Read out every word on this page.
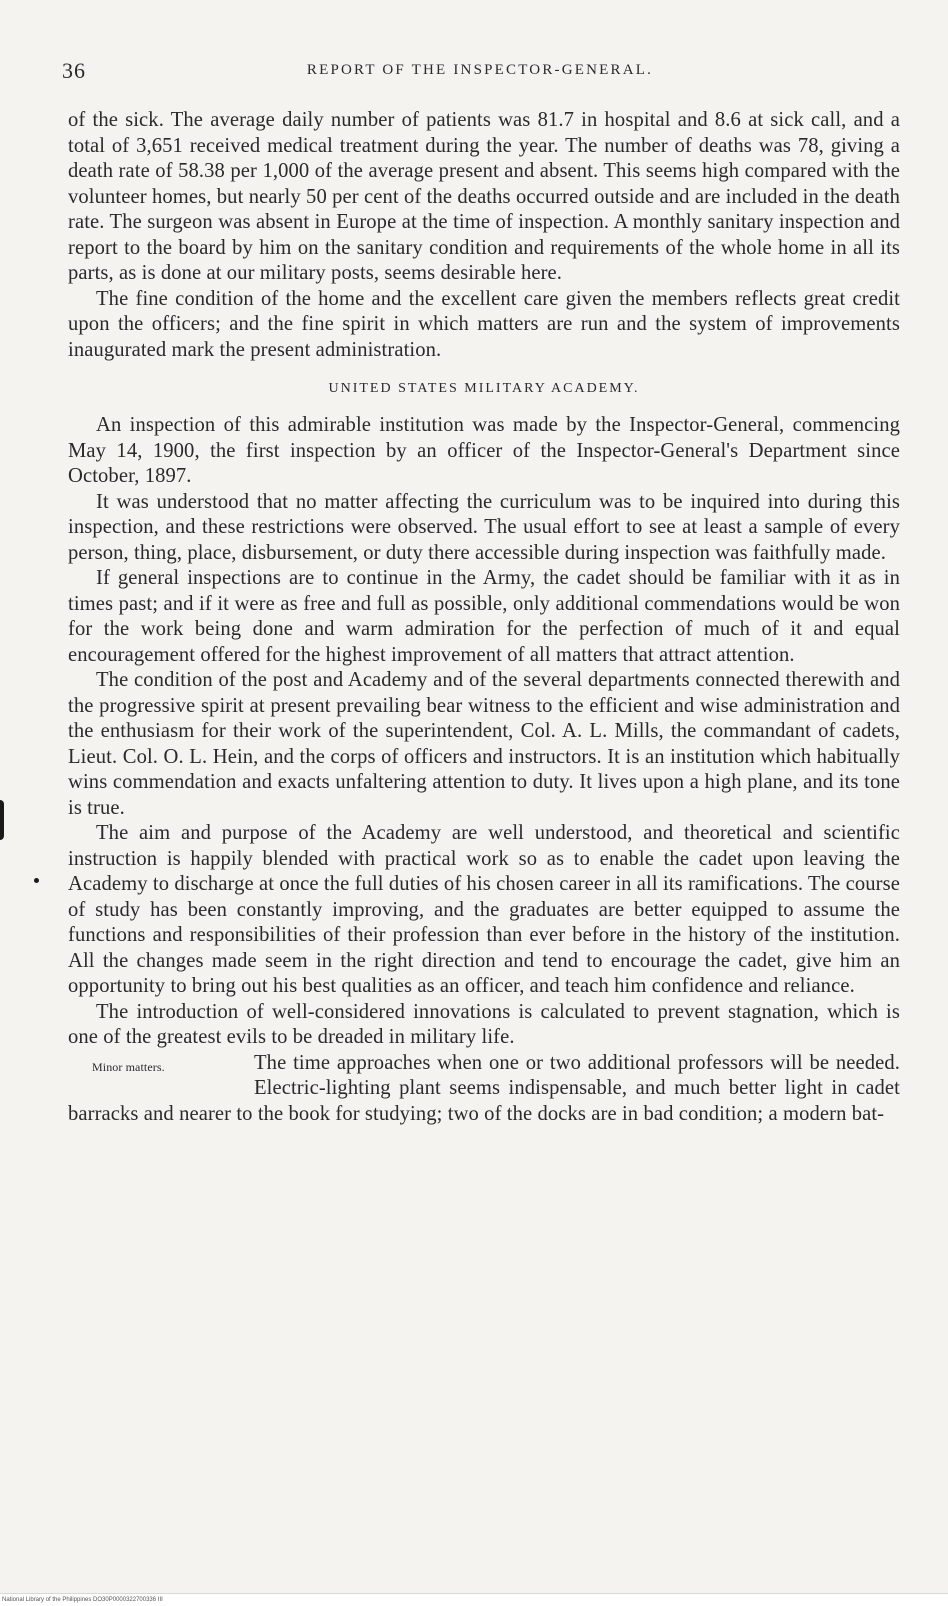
36	REPORT OF THE INSPECTOR-GENERAL.

of the sick. The average daily number of patients was 81.7 in hospital and 8.6 at sick call, and a total of 3,651 received medical treatment during the year. The number of deaths was 78, giving a death rate of 58.38 per 1,000 of the average present and absent. This seems high compared with the volunteer homes, but nearly 50 per cent of the deaths occurred outside and are included in the death rate. The surgeon was absent in Europe at the time of inspection. A monthly sanitary inspection and report to the board by him on the sanitary condition and requirements of the whole home in all its parts, as is done at our military posts, seems desirable here.

The fine condition of the home and the excellent care given the members reflects great credit upon the officers; and the fine spirit in which matters are run and the system of improvements inaugurated mark the present administration.

UNITED STATES MILITARY ACADEMY.

An inspection of this admirable institution was made by the Inspector-General, commencing May 14, 1900, the first inspection by an officer of the Inspector-General's Department since October, 1897.

It was understood that no matter affecting the curriculum was to be inquired into during this inspection, and these restrictions were observed. The usual effort to see at least a sample of every person, thing, place, disbursement, or duty there accessible during inspection was faithfully made.

If general inspections are to continue in the Army, the cadet should be familiar with it as in times past; and if it were as free and full as possible, only additional commendations would be won for the work being done and warm admiration for the perfection of much of it and equal encouragement offered for the highest improvement of all matters that attract attention.

The condition of the post and Academy and of the several departments connected therewith and the progressive spirit at present prevailing bear witness to the efficient and wise administration and the enthusiasm for their work of the superintendent, Col. A. L. Mills, the commandant of cadets, Lieut. Col. O. L. Hein, and the corps of officers and instructors. It is an institution which habitually wins commendation and exacts unfaltering attention to duty. It lives upon a high plane, and its tone is true.

The aim and purpose of the Academy are well understood, and theoretical and scientific instruction is happily blended with practical work so as to enable the cadet upon leaving the Academy to discharge at once the full duties of his chosen career in all its ramifications. The course of study has been constantly improving, and the graduates are better equipped to assume the functions and responsibilities of their profession than ever before in the history of the institution. All the changes made seem in the right direction and tend to encourage the cadet, give him an opportunity to bring out his best qualities as an officer, and teach him confidence and reliance.

The introduction of well-considered innovations is calculated to prevent stagnation, which is one of the greatest evils to be dreaded in military life.

Minor matters.	The time approaches when one or two additional professors will be needed. Electric-lighting plant seems indispensable, and much better light in cadet barracks and nearer to the book for studying; two of the docks are in bad condition; a modern bat-

National Library of the Philippines DO30P0000322700336 III
